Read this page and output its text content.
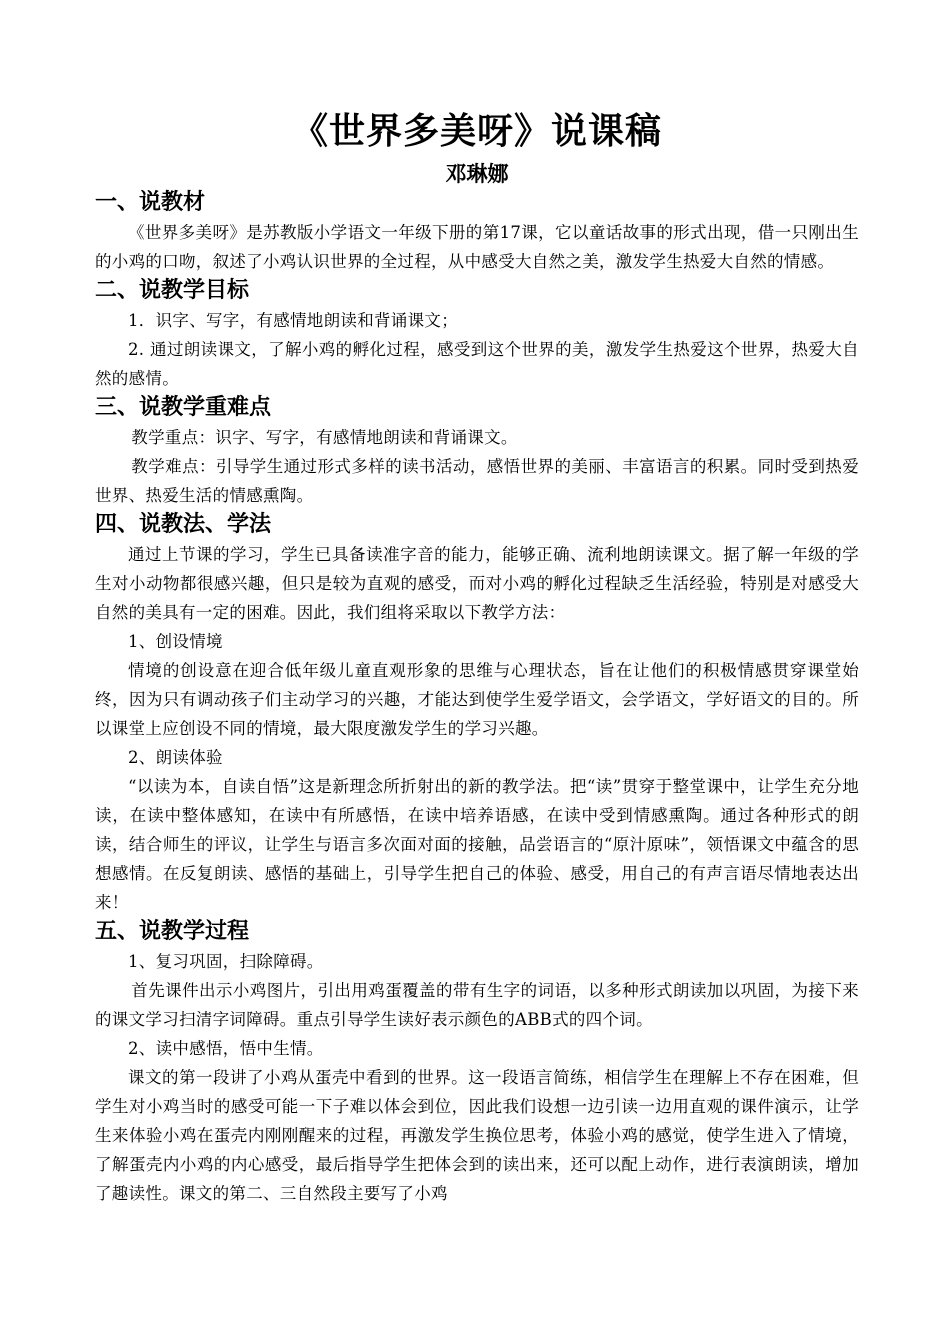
《世界多美呀》说课稿
邓琳娜
一、说教材

《世界多美呀》是苏教版小学语文一年级下册的第17课，它以童话故事的形式出现，借一只刚出生的小鸡的口吻，叙述了小鸡认识世界的全过程，从中感受大自然之美，激发学生热爱大自然的情感。

二、说教学目标

1．识字、写字，有感情地朗读和背诵课文；

2. 通过朗读课文，了解小鸡的孵化过程，感受到这个世界的美，激发学生热爱这个世界，热爱大自然的感情。

三、说教学重难点

教学重点：识字、写字，有感情地朗读和背诵课文。

教学难点：引导学生通过形式多样的读书活动，感悟世界的美丽、丰富语言的积累。同时受到热爱世界、热爱生活的情感熏陶。

四、说教法、学法

通过上节课的学习，学生已具备读准字音的能力，能够正确、流利地朗读课文。据了解一年级的学生对小动物都很感兴趣，但只是较为直观的感受，而对小鸡的孵化过程缺乏生活经验，特别是对感受大自然的美具有一定的困难。因此，我们组将采取以下教学方法：

1、创设情境

情境的创设意在迎合低年级儿童直观形象的思维与心理状态，旨在让他们的积极情感贯穿课堂始终，因为只有调动孩子们主动学习的兴趣，才能达到使学生爱学语文，会学语文，学好语文的目的。所以课堂上应创设不同的情境，最大限度激发学生的学习兴趣。

2、朗读体验

“以读为本，自读自悟”这是新理念所折射出的新的教学法。把“读”贯穿于整堂课中，让学生充分地读，在读中整体感知，在读中有所感悟，在读中培养语感，在读中受到情感熏陶。通过各种形式的朗读，结合师生的评议，让学生与语言多次面对面的接触，品尝语言的“原汁原味”，领悟课文中蕴含的思想感情。在反复朗读、感悟的基础上，引导学生把自己的体验、感受，用自己的有声言语尽情地表达出来！

五、说教学过程

1、复习巩固，扫除障碍。

首先课件出示小鸡图片，引出用鸡蛋覆盖的带有生字的词语，以多种形式朗读加以巩固，为接下来的课文学习扫清字词障碍。重点引导学生读好表示颜色的ABB式的四个词。

2、读中感悟，悟中生情。

课文的第一段讲了小鸡从蛋壳中看到的世界。这一段语言简练，相信学生在理解上不存在困难，但学生对小鸡当时的感受可能一下子难以体会到位，因此我们设想一边引读一边用直观的课件演示，让学生来体验小鸡在蛋壳内刚刚醒来的过程，再激发学生换位思考，体验小鸡的感觉，使学生进入了情境，了解蛋壳内小鸡的内心感受，最后指导学生把体会到的读出来，还可以配上动作，进行表演朗读，增加了趣读性。课文的第二、三自然段主要写了小鸡
